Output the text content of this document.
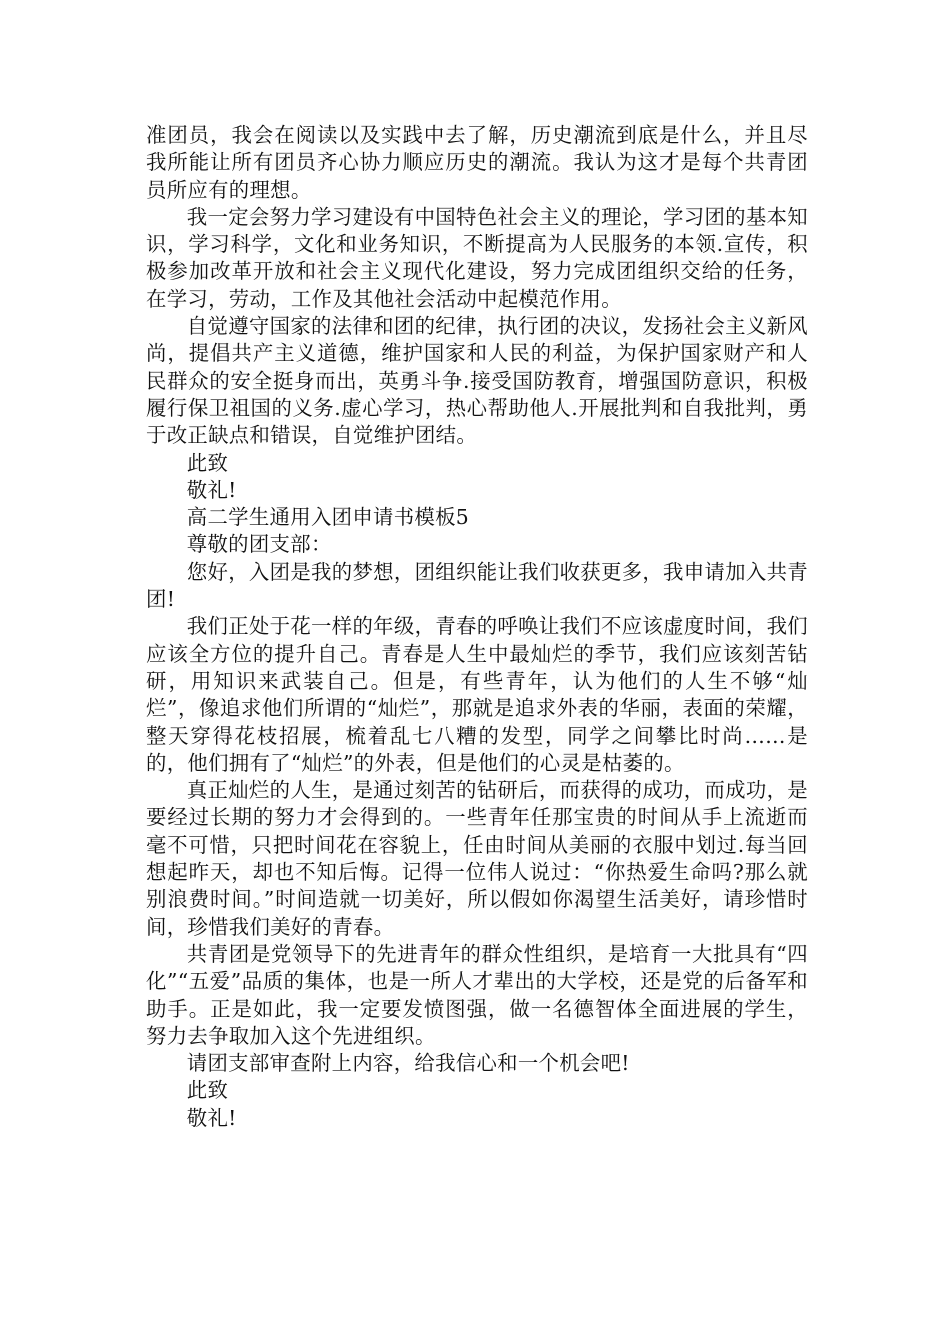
准团员，我会在阅读以及实践中去了解，历史潮流到底是什么，并且尽我所能让所有团员齐心协力顺应历史的潮流。我认为这才是每个共青团员所应有的理想。

我一定会努力学习建设有中国特色社会主义的理论，学习团的基本知识，学习科学，文化和业务知识，不断提高为人民服务的本领.宣传，积极参加改革开放和社会主义现代化建设，努力完成团组织交给的任务，在学习，劳动，工作及其他社会活动中起模范作用。

自觉遵守国家的法律和团的纪律，执行团的决议，发扬社会主义新风尚，提倡共产主义道德，维护国家和人民的利益，为保护国家财产和人民群众的安全挺身而出，英勇斗争.接受国防教育，增强国防意识，积极履行保卫祖国的义务.虚心学习，热心帮助他人.开展批判和自我批判，勇于改正缺点和错误，自觉维护团结。

此致

敬礼!

高二学生通用入团申请书模板5

尊敬的团支部：

您好，入团是我的梦想，团组织能让我们收获更多，我申请加入共青团!

我们正处于花一样的年级，青春的呼唤让我们不应该虚度时间，我们应该全方位的提升自己。青春是人生中最灿烂的季节，我们应该刻苦钻研，用知识来武装自己。但是，有些青年，认为他们的人生不够“灿烂”，像追求他们所谓的“灿烂”，那就是追求外表的华丽，表面的荣耀，整天穿得花枝招展，梳着乱七八糟的发型，同学之间攀比时尚……是的，他们拥有了“灿烂”的外表，但是他们的心灵是枯萎的。

真正灿烂的人生，是通过刻苦的钻研后，而获得的成功，而成功，是要经过长期的努力才会得到的。一些青年任那宝贵的时间从手上流逝而毫不可惜，只把时间花在容貌上，任由时间从美丽的衣服中划过.每当回想起昨天，却也不知后悔。记得一位伟人说过：“你热爱生命吗?那么就别浪费时间。”时间造就一切美好，所以假如你渴望生活美好，请珍惜时间，珍惜我们美好的青春。

共青团是党领导下的先进青年的群众性组织，是培育一大批具有“四化”“五爱”品质的集体，也是一所人才辈出的大学校，还是党的后备军和助手。正是如此，我一定要发愤图强，做一名德智体全面进展的学生，努力去争取加入这个先进组织。

请团支部审查附上内容，给我信心和一个机会吧!

此致

敬礼!
